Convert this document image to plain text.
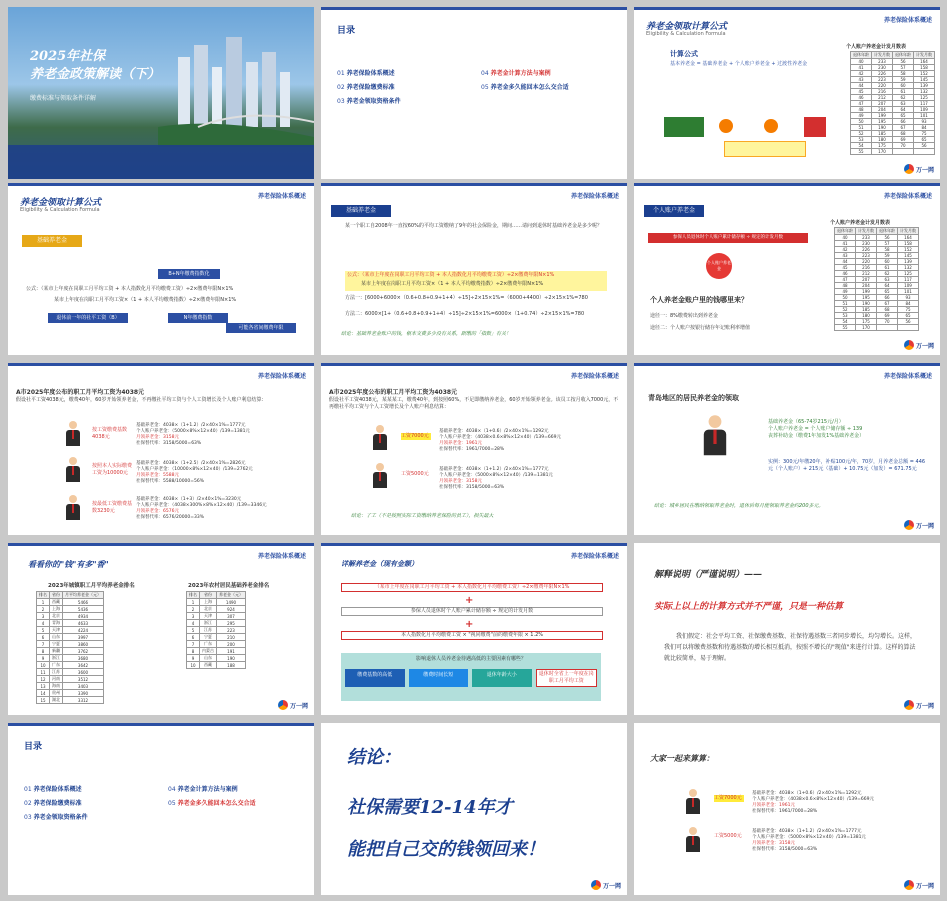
2025年社保
养老金政策解读（下）
缴费标准与领取条件详解
目录
01 养老保险体系概述
02 养老保险缴费标准
03 养老金领取资格条件
04 养老金计算方法与案例
05 养老金多久能回本怎么交合适
养老保险体系概述
养老金领取计算公式
Eligibility & Calculation Formula
计算公式
基本养老金 = 基础养老金 + 个人账户养老金 + 过渡性养老金
个人账户养老金计发月数表
退休年龄	计发月数	退休年龄	计发月数
40	233	56	164
41	230	57	158
42	226	58	152
43	223	59	145
44	220	60	139
45	216	61	132
46	212	62	125
47	207	63	117
48	204	64	109
49	199	65	101
50	195	66	93
51	190	67	84
52	185	68	75
53	180	69	65
54	175	70	56
55	170		
万一网
养老保险体系概述
养老金领取计算公式
Eligibility & Calculation Formula
基础养老金
B+N年缴费指数化
公式：（某市上年度在岗职工月平均工资 + 本人指数化月平均缴费工资）÷2×缴费年限N×1%
某市上年度在岗职工月平均工资×（1 + 本人平均缴费指数）÷2×缴费年限N×1%
退休前一年的社平工资（B）	N年缴费指数
可能各省间缴费年限
养老保险体系概述
基础养老金
某一个职工自2008年一直按60%的平均工资缴纳了9年的社会保险金，期间……请问到退休时基础养老金是多少呢？
公式：（某市上年度在岗职工月平均工资 + 本人指数化月平均缴费工资）÷2×缴费年限N×1%
某市上年度在岗职工月平均工资×（1 + 本人平均缴费指数）÷2×缴费年限N×1%
方法一：[6000+6000×（0.6+0.8+0.9+1+4）÷15]÷2×15×1%=（6000+4400）÷2×15×1%=780
方法二：6000×[1+（0.6+0.8+0.9+1+4）÷15]÷2×15×1%=6000×（1+0.74）÷2×15×1%=780
结论：基础养老金账户的钱，根本交费多少没有关系，跟缴的「指数」有关！
养老保险体系概述
个人账户养老金
参保人员退休时个人账户累计储存额 ÷ 规定的计发月数
个人账户养老金
个人养老金账户里的钱哪里来？
途径一：8%缴费转出到养老金
途径二：个人账户按银行储存年记账利率增值
个人账户养老金计发月数表
退休年龄	计发月数	退休年龄	计发月数
40	233	56	164
41	230	57	158
42	226	58	152
43	223	59	145
44	220	60	139
45	216	61	132
46	212	62	125
47	207	63	117
48	204	64	109
49	199	65	101
50	195	66	93
51	190	67	84
52	185	68	75
53	180	69	65
54	175	70	56
55	170		
万一网
养老保险体系概述
A市2025年度公布的职工月平均工资为4038元
假设社平工资4038元，缴费40年，60岁开始领养老金，不再缴社平均工资与个人工资增长及个人账户利息结算：
按工资缴费基数4038元
按照本人实际缴费工资为10000元
按最低工资缴费基数3230元
基础养老金：4038×（1+1.2）/2×40×1%=1777元
个人账户养老金：（5000×8%×12×40）/139=1381元
月领养老金：3158元
社保替代率：3158/5000=63%
基础养老金：4038×（1+2.5）/2×40×1%=2826元
个人账户养老金：（10000×8%×12×40）/139=2762元
月领养老金：5588元
社保替代率：5588/10000=56%
基础养老金：4038×（1+3）/2×40×1%=3230元
个人账户养老金：（4038×300%×8%×12×40）/139=3346元
月领养老金：6576元
社保替代率：6576/20000=33%
养老保险体系概述
A市2025年度公布的职工月平均工资为4038元
假设社平工资4038元，某某某工，缴费40年，到按照60%，不足即缴纳养老金，60岁开始领养老金。该员工按月收入7000元，不再缴社平均工资与个人工资增长及个人账户利息结算：
工资7000元
工资5000元
基础养老金：4038×（1+0.6）/2×40×1%=1292元
个人账户养老金：（4038×0.6×8%×12×40）/139=669元
月领养老金：1961元
社保替代率：1961/7000=28%
基础养老金：4038×（1+1.2）/2×40×1%=1777元
个人账户养老金：（5000×8%×12×40）/139=1381元
月领养老金：3158元
社保替代率：3158/5000=63%
结论：了工（不是按照实际工资缴纳养老保险的员工），损失最大
养老保险体系概述
青岛地区的居民养老金的领取
基础养老金（65-74岁215元/月）
个人账户养老金 = 个人账户储存额 ÷ 139
丧葬补助金（缴费1年加发1%基础养老金）
实例：300元/年缴20年，补贴100元/年，70岁，月养老金总额 = 446元（个人账户）+ 215元（基础）+ 10.75元（加发）= 671.75元
结论：城乡居民在缴纳领取养老金时，退休后每月能领取养老金约200多元。
万一网
养老保险体系概述
看看你的"钱"有多"香"
2023年城镇职工月平均养老金排名	2023年农村居民基础养老金排名
排名	省份	月平均养老金（元）
1	西藏	5466
2	上海	5436
3	北京	4934
4	青海	4633
5	天津	4224
6	山东	3997
7	宁夏	3860
8	新疆	3762
9	浙江	3680
10	广东	3642
11	江苏	3600
12	河南	3512
13	海南	3403
14	贵州	3390
15	湖北	3312
排名	省份	养老金（元）
1	上海	1490
2	北京	924
3	天津	307
4	浙江	295
5	江苏	223
6	宁夏	210
7	广东	200
8	内蒙古	191
9	山东	190
10	西藏	188
万一网
养老保险体系概述
详解养老金（现有金额）
（某市上年度在岗职工月平均工资 + 本人指数化月平均缴费工资）÷2×缴费年限N×1%
+
参保人员退休时个人账户累计储存额 ÷ 规定的计发月数
+
本人指数化月平均缴费工资 × "视同缴费"前的缴费年限 × 1.2%
影响退休人员养老金待遇高低的主要因素有哪些？
缴费基数的高低	缴费时间长短	退休年龄大小	退休时全省上一年度在岗职工月平均工资
解释说明（严谨说明）——
实际上以上的计算方式并不严谨，只是一种估算
我们假定：社会平均工资、社保缴费基数、社保待遇基数三者同步增长，均匀增长。这样，我们可以将缴费基数和待遇基数的增长相互抵消，按照不增长的"现值"来进行计算。这样的算法就比较简单，易于理解。
万一网
目录
01 养老保险体系概述
02 养老保险缴费标准
03 养老金领取资格条件
04 养老金计算方法与案例
05 养老金多久能回本怎么交合适
结论：
社保需要12-14年才
能把自己交的钱领回来！
万一网
大家一起来算算：
工资7000元
工资5000元
基础养老金：4038×（1+0.6）/2×40×1%=1292元
个人账户养老金：（4038×0.6×8%×12×40）/139=669元
月领养老金：1961元
社保替代率：1961/7000=28%
基础养老金：4038×（1+1.2）/2×40×1%=1777元
个人账户养老金：（5000×8%×12×40）/139=1381元
月领养老金：3158元
社保替代率：3158/5000=63%
万一网
